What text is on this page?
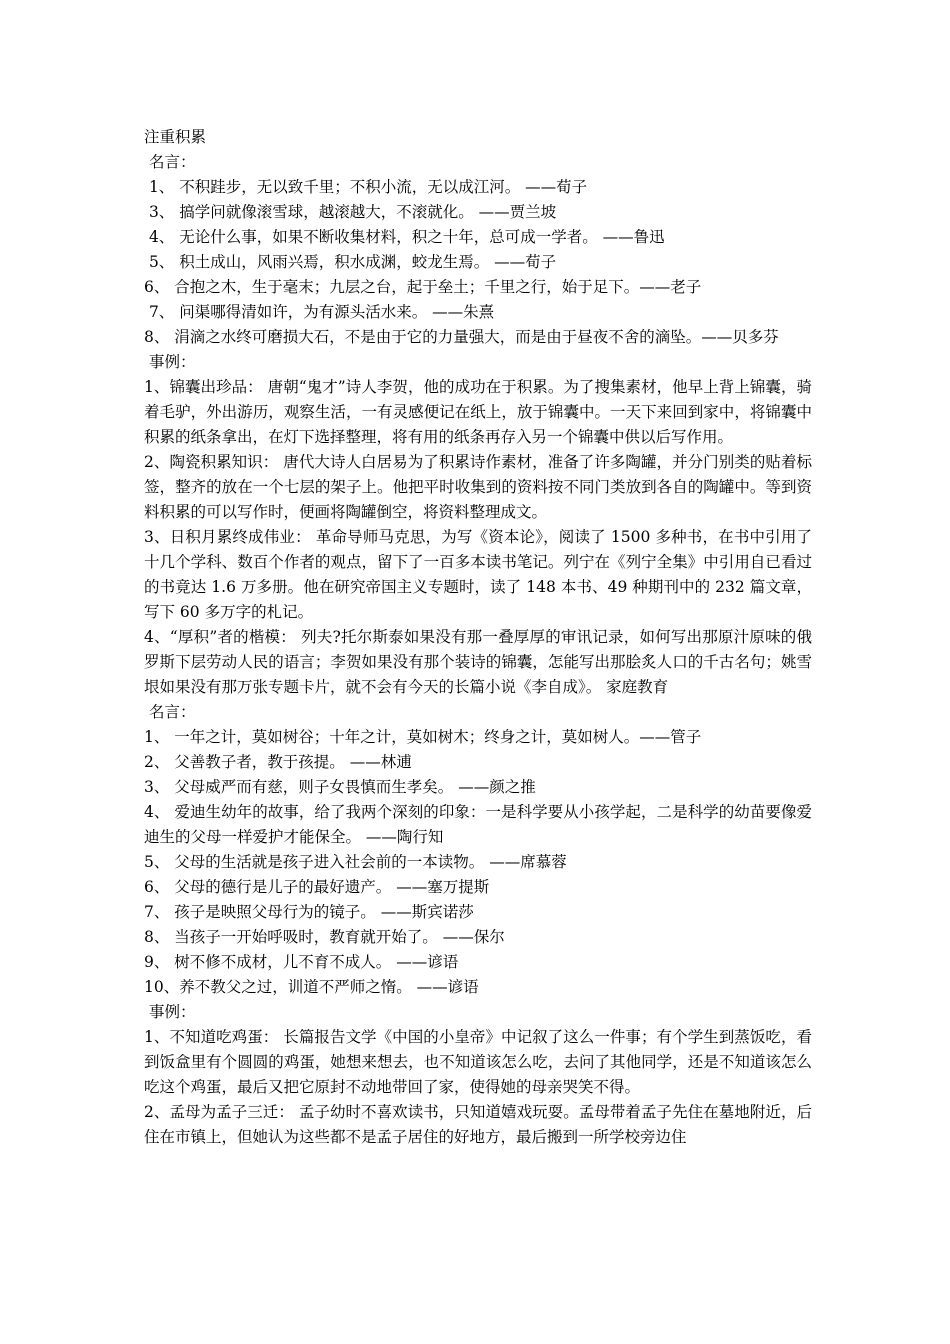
注重积累

名言：

1、 不积跬步，无以致千里；不积小流，无以成江河。 ——荀子

3、 搞学问就像滚雪球，越滚越大，不滚就化。 ——贾兰坡

4、 无论什么事，如果不断收集材料，积之十年，总可成一学者。 ——鲁迅

5、 积土成山，风雨兴焉，积水成渊，蛟龙生焉。 ——荀子

6、 合抱之木，生于毫末；九层之台，起于垒土；千里之行，始于足下。——老子

7、 问渠哪得清如许，为有源头活水来。 ——朱熹

8、 涓滴之水终可磨损大石，不是由于它的力量强大，而是由于昼夜不舍的滴坠。——贝多芬

事例：

1、锦囊出珍品： 唐朝“鬼才”诗人李贺，他的成功在于积累。为了搜集素材，他早上背上锦囊，骑着毛驴，外出游历，观察生活，一有灵感便记在纸上，放于锦囊中。一天下来回到家中，将锦囊中积累的纸条拿出，在灯下选择整理，将有用的纸条再存入另一个锦囊中供以后写作用。

2、陶瓷积累知识： 唐代大诗人白居易为了积累诗作素材，准备了许多陶罐，并分门别类的贴着标签，整齐的放在一个七层的架子上。他把平时收集到的资料按不同门类放到各自的陶罐中。等到资料积累的可以写作时，便画将陶罐倒空，将资料整理成文。

3、日积月累终成伟业： 革命导师马克思，为写《资本论》，阅读了 1500 多种书，在书中引用了十几个学科、数百个作者的观点，留下了一百多本读书笔记。列宁在《列宁全集》中引用自已看过的书竟达 1.6 万多册。他在研究帝国主义专题时，读了 148 本书、49 种期刊中的 232 篇文章，写下 60 多万字的札记。

4、“厚积”者的楷模： 列夫?托尔斯泰如果没有那一叠厚厚的审讯记录，如何写出那原汁原味的俄罗斯下层劳动人民的语言；李贺如果没有那个装诗的锦囊，怎能写出那脍炙人口的千古名句；姚雪垠如果没有那万张专题卡片，就不会有今天的长篇小说《李自成》。 家庭教育

名言：

1、 一年之计，莫如树谷；十年之计，莫如树木；终身之计，莫如树人。——管子

2、 父善教子者，教于孩提。 ——林逋

3、 父母威严而有慈，则子女畏慎而生孝矣。 ——颜之推

4、 爱迪生幼年的故事，给了我两个深刻的印象：一是科学要从小孩学起，二是科学的幼苗要像爱迪生的父母一样爱护才能保全。 ——陶行知

5、 父母的生活就是孩子进入社会前的一本读物。 ——席慕蓉

6、 父母的德行是儿子的最好遗产。 ——塞万提斯

7、 孩子是映照父母行为的镜子。 ——斯宾诺莎

8、 当孩子一开始呼吸时，教育就开始了。 ——保尔

9、 树不修不成材，儿不育不成人。 ——谚语

10、养不教父之过，训道不严师之惰。 ——谚语

事例：

1、不知道吃鸡蛋： 长篇报告文学《中国的小皇帝》中记叙了这么一件事；有个学生到蒸饭吃，看到饭盒里有个圆圆的鸡蛋，她想来想去，也不知道该怎么吃，去问了其他同学，还是不知道该怎么吃这个鸡蛋，最后又把它原封不动地带回了家，使得她的母亲哭笑不得。

2、孟母为孟子三迁： 孟子幼时不喜欢读书，只知道嬉戏玩耍。孟母带着孟子先住在墓地附近，后住在市镇上，但她认为这些都不是孟子居住的好地方，最后搬到一所学校旁边住
